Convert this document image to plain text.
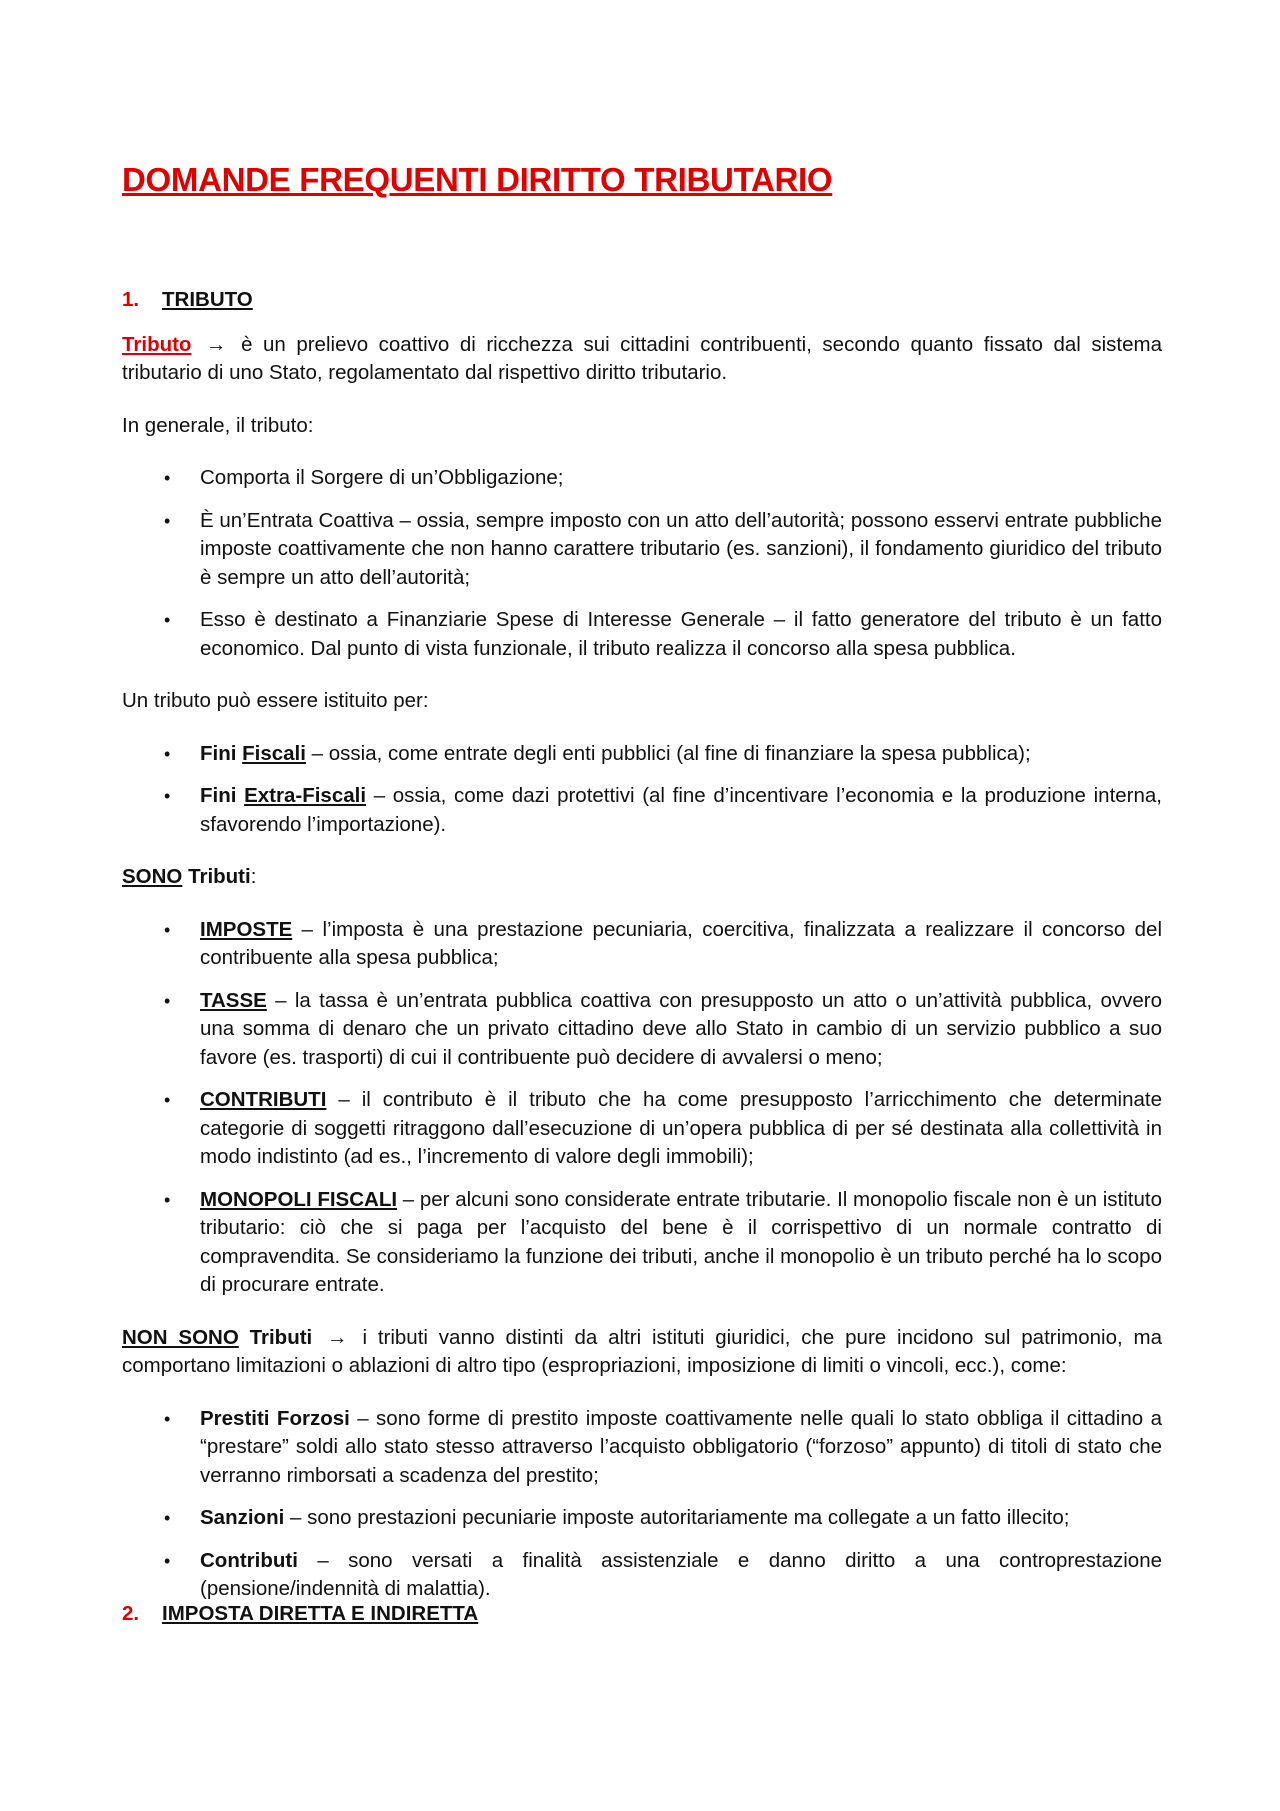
DOMANDE FREQUENTI DIRITTO TRIBUTARIO
1. TRIBUTO

Tributo → è un prelievo coattivo di ricchezza sui cittadini contribuenti, secondo quanto fissato dal sistema tributario di uno Stato, regolamentato dal rispettivo diritto tributario.

In generale, il tributo:

• Comporta il Sorgere di un’Obbligazione;
• È un’Entrata Coattiva – ossia, sempre imposto con un atto dell’autorità; possono esservi entrate pubbliche imposte coattivamente che non hanno carattere tributario (es. sanzioni), il fondamento giuridico del tributo è sempre un atto dell’autorità;
• Esso è destinato a Finanziarie Spese di Interesse Generale – il fatto generatore del tributo è un fatto economico. Dal punto di vista funzionale, il tributo realizza il concorso alla spesa pubblica.

Un tributo può essere istituito per:

• Fini Fiscali – ossia, come entrate degli enti pubblici (al fine di finanziare la spesa pubblica);
• Fini Extra-Fiscali – ossia, come dazi protettivi (al fine d’incentivare l’economia e la produzione interna, sfavorendo l’importazione).

SONO Tributi:

• IMPOSTE – l’imposta è una prestazione pecuniaria, coercitiva, finalizzata a realizzare il concorso del contribuente alla spesa pubblica;
• TASSE – la tassa è un’entrata pubblica coattiva con presupposto un atto o un’attività pubblica, ovvero una somma di denaro che un privato cittadino deve allo Stato in cambio di un servizio pubblico a suo favore (es. trasporti) di cui il contribuente può decidere di avvalersi o meno;
• CONTRIBUTI – il contributo è il tributo che ha come presupposto l’arricchimento che determinate categorie di soggetti ritraggono dall’esecuzione di un’opera pubblica di per sé destinata alla collettività in modo indistinto (ad es., l’incremento di valore degli immobili);
• MONOPOLI FISCALI – per alcuni sono considerate entrate tributarie. Il monopolio fiscale non è un istituto tributario: ciò che si paga per l’acquisto del bene è il corrispettivo di un normale contratto di compravendita. Se consideriamo la funzione dei tributi, anche il monopolio è un tributo perché ha lo scopo di procurare entrate.

NON SONO Tributi → i tributi vanno distinti da altri istituti giuridici, che pure incidono sul patrimonio, ma comportano limitazioni o ablazioni di altro tipo (espropriazioni, imposizione di limiti o vincoli, ecc.), come:

• Prestiti Forzosi – sono forme di prestito imposte coattivamente nelle quali lo stato obbliga il cittadino a “prestare” soldi allo stato stesso attraverso l’acquisto obbligatorio (“forzoso” appunto) di titoli di stato che verranno rimborsati a scadenza del prestito;
• Sanzioni – sono prestazioni pecuniarie imposte autoritariamente ma collegate a un fatto illecito;
• Contributi – sono versati a finalità assistenziale e danno diritto a una controprestazione (pensione/indennità di malattia).
2. IMPOSTA DIRETTA E INDIRETTA
